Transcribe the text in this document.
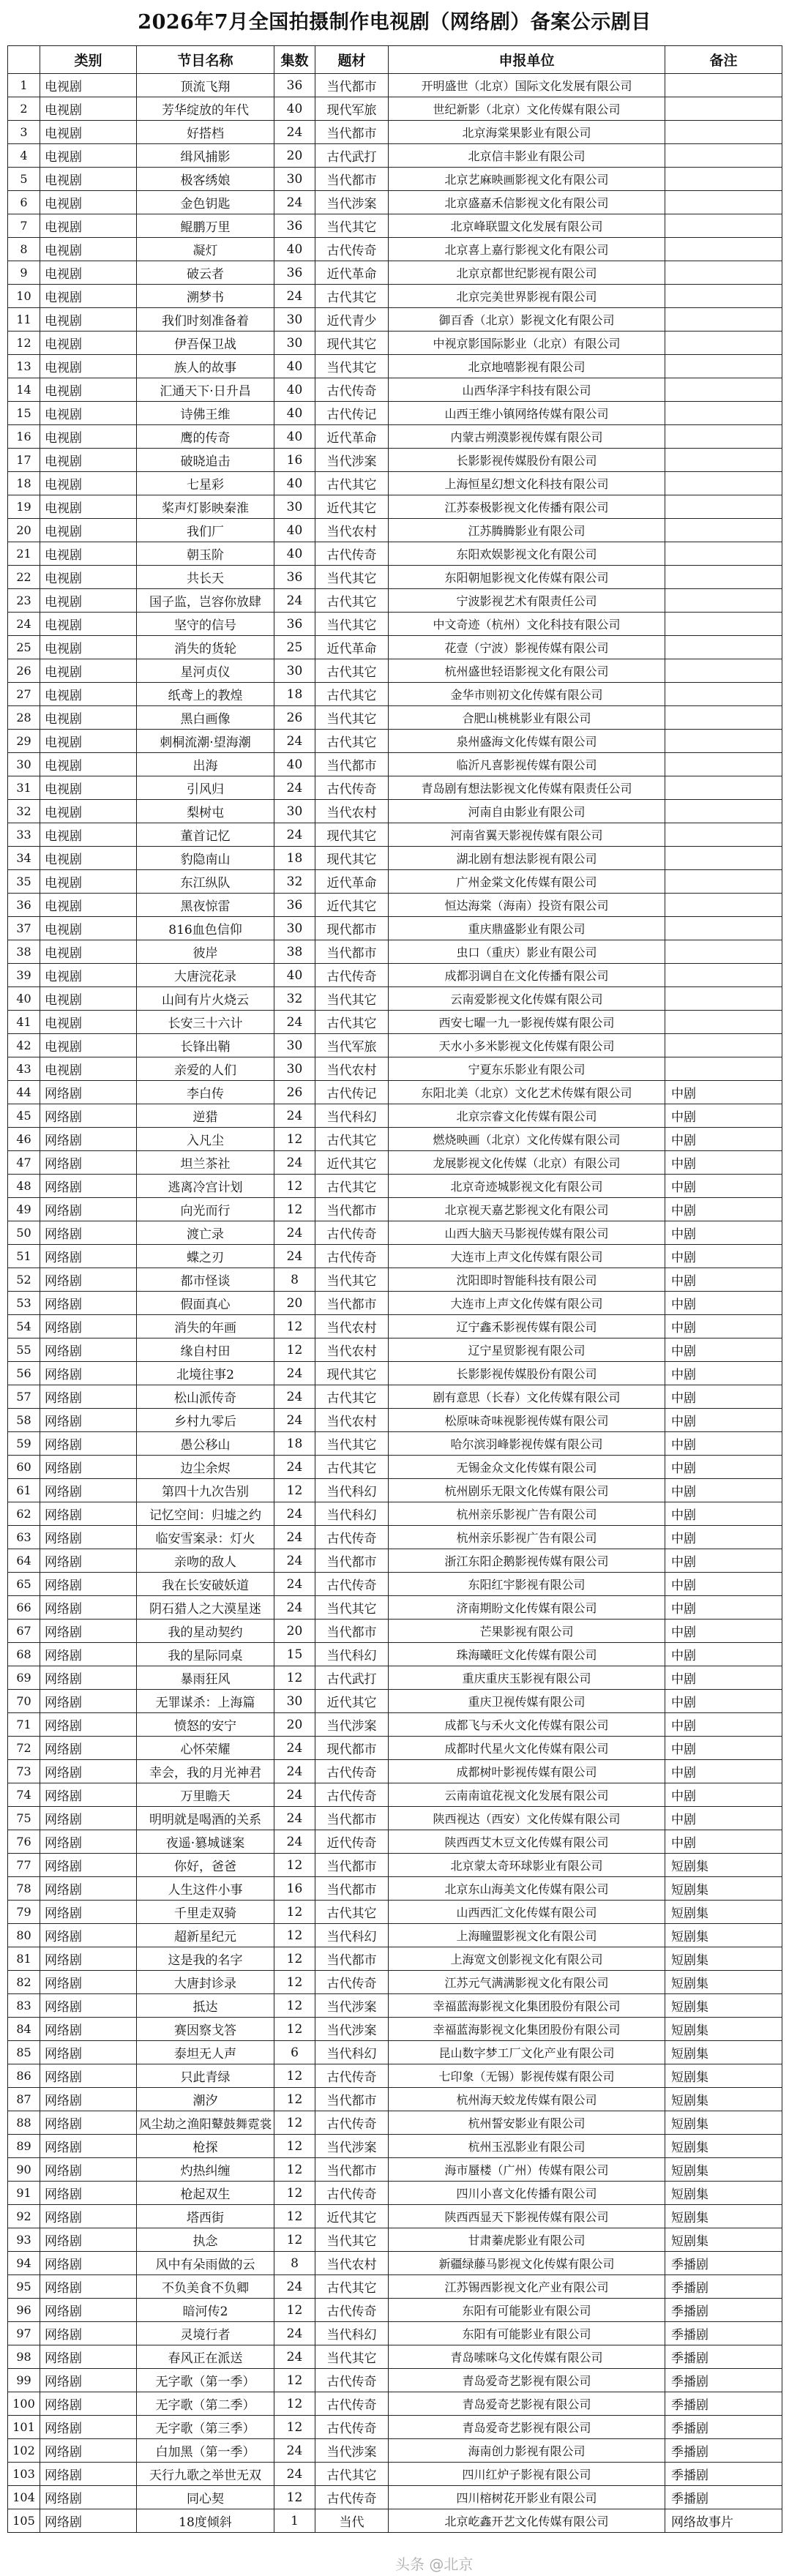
2026年7月全国拍摄制作电视剧（网络剧）备案公示剧目
	类别	节目名称	集数	题材	申报单位	备注
1	电视剧	顶流飞翔	36	当代都市	开明盛世（北京）国际文化发展有限公司	
2	电视剧	芳华绽放的年代	40	现代军旅	世纪新影（北京）文化传媒有限公司	
3	电视剧	好搭档	24	当代都市	北京海棠果影业有限公司	
4	电视剧	缉风捕影	20	古代武打	北京信丰影业有限公司	
5	电视剧	极客绣娘	30	当代都市	北京艺麻映画影视文化有限公司	
6	电视剧	金色钥匙	24	当代涉案	北京盛嘉禾信影视文化有限公司	
7	电视剧	鲲鹏万里	36	当代其它	北京峰联盟文化发展有限公司	
8	电视剧	凝灯	40	古代传奇	北京喜上嘉行影视文化有限公司	
9	电视剧	破云者	36	近代革命	北京京都世纪影视有限公司	
10	电视剧	溯梦书	24	古代其它	北京完美世界影视有限公司	
11	电视剧	我们时刻准备着	30	近代青少	御百香（北京）影视文化有限公司	
12	电视剧	伊吾保卫战	30	现代其它	中视京影国际影业（北京）有限公司	
13	电视剧	族人的故事	40	当代其它	北京地嘻影视有限公司	
14	电视剧	汇通天下·日升昌	40	古代传奇	山西华泽宇科技有限公司	
15	电视剧	诗佛王维	40	古代传记	山西王维小镇网络传媒有限公司	
16	电视剧	鹰的传奇	40	近代革命	内蒙古朔漠影视传媒有限公司	
17	电视剧	破晓追击	16	当代涉案	长影影视传媒股份有限公司	
18	电视剧	七星彩	40	古代其它	上海恒星幻想文化科技有限公司	
19	电视剧	桨声灯影映秦淮	30	近代其它	江苏泰极影视文化传播有限公司	
20	电视剧	我们厂	40	当代农村	江苏腾腾影业有限公司	
21	电视剧	朝玉阶	40	古代传奇	东阳欢娱影视文化有限公司	
22	电视剧	共长天	36	当代其它	东阳朝旭影视文化传媒有限公司	
23	电视剧	国子监，岂容你放肆	24	古代其它	宁波影视艺术有限责任公司	
24	电视剧	坚守的信号	36	当代其它	中文奇迹（杭州）文化科技有限公司	
25	电视剧	消失的货轮	25	近代革命	花壹（宁波）影视传媒有限公司	
26	电视剧	星河贞仪	30	古代其它	杭州盛世轻语影视文化有限公司	
27	电视剧	纸鸢上的教煌	18	古代其它	金华市则初文化传媒有限公司	
28	电视剧	黑白画像	26	当代其它	合肥山桃桃影业有限公司	
29	电视剧	刺桐流潮·望海潮	24	古代其它	泉州盛海文化传媒有限公司	
30	电视剧	出海	40	当代都市	临沂凡喜影视传媒有限公司	
31	电视剧	引风归	24	古代传奇	青岛剧有想法影视文化传媒有限责任公司	
32	电视剧	梨树屯	30	当代农村	河南自由影业有限公司	
33	电视剧	董首记忆	24	现代其它	河南省翼天影视传媒有限公司	
34	电视剧	豹隐南山	18	现代其它	湖北剧有想法影视有限公司	
35	电视剧	东江纵队	32	近代革命	广州金棠文化传媒有限公司	
36	电视剧	黑夜惊雷	36	近代其它	恒达海棠（海南）投资有限公司	
37	电视剧	816血色信仰	30	现代都市	重庆鼎盛影业有限公司	
38	电视剧	彼岸	38	当代都市	虫口（重庆）影业有限公司	
39	电视剧	大唐浣花录	40	古代传奇	成都羽调自在文化传播有限公司	
40	电视剧	山间有片火烧云	32	当代其它	云南爱影视文化传媒有限公司	
41	电视剧	长安三十六计	24	古代其它	西安七曜一九一影视传媒有限公司	
42	电视剧	长锋出鞘	30	当代军旅	天水小多米影视文化传媒有限公司	
43	电视剧	亲爱的人们	30	当代农村	宁夏东乐影业有限公司	
44	网络剧	李白传	26	古代传记	东阳北美（北京）文化艺术传媒有限公司	中剧
45	网络剧	逆猎	24	当代科幻	北京宗睿文化传媒有限公司	中剧
46	网络剧	入凡尘	12	古代其它	燃烧映画（北京）文化传媒有限公司	中剧
47	网络剧	坦兰茶社	24	近代其它	龙展影视文化传媒（北京）有限公司	中剧
48	网络剧	逃离冷宫计划	12	古代其它	北京奇迹城影视文化有限公司	中剧
49	网络剧	向光而行	12	当代都市	北京视天嘉艺影视文化有限公司	中剧
50	网络剧	渡亡录	24	古代传奇	山西大脑天马影视传媒有限公司	中剧
51	网络剧	蝶之刃	24	古代传奇	大连市上声文化传媒有限公司	中剧
52	网络剧	都市怪谈	8	当代其它	沈阳即时智能科技有限公司	中剧
53	网络剧	假面真心	20	当代都市	大连市上声文化传媒有限公司	中剧
54	网络剧	消失的年画	12	当代农村	辽宁鑫禾影视传媒有限公司	中剧
55	网络剧	缘自村田	12	当代农村	辽宁星贸影视有限公司	中剧
56	网络剧	北境往事2	24	现代其它	长影影视传媒股份有限公司	中剧
57	网络剧	松山派传奇	24	古代其它	剧有意思（长春）文化传媒有限公司	中剧
58	网络剧	乡村九零后	24	当代农村	松原味奇味视影视传媒有限公司	中剧
59	网络剧	愚公移山	18	当代其它	哈尔滨羽峰影视传媒有限公司	中剧
60	网络剧	边尘余烬	24	古代其它	无锡金众文化传媒有限公司	中剧
61	网络剧	第四十九次告别	12	当代科幻	杭州剧乐无限文化传媒有限公司	中剧
62	网络剧	记忆空间：归墟之约	24	当代科幻	杭州亲乐影视广告有限公司	中剧
63	网络剧	临安雪案录：灯火	24	古代传奇	杭州亲乐影视广告有限公司	中剧
64	网络剧	亲吻的敌人	24	当代都市	浙江东阳企鹅影视传媒有限公司	中剧
65	网络剧	我在长安破妖道	24	古代传奇	东阳红宇影视有限公司	中剧
66	网络剧	阴石猎人之大漠星迷	24	当代其它	济南期盼文化传媒有限公司	中剧
67	网络剧	我的星动契约	20	当代都市	芒果影视有限公司	中剧
68	网络剧	我的星际同桌	15	当代科幻	珠海曦旺文化传媒有限公司	中剧
69	网络剧	暴雨狂风	12	古代武打	重庆重庆玉影视有限公司	中剧
70	网络剧	无罪谋杀：上海篇	30	近代其它	重庆卫视传媒有限公司	中剧
71	网络剧	愤怒的安宁	20	当代涉案	成都飞与禾火文化传媒有限公司	中剧
72	网络剧	心怀荣耀	24	现代都市	成都时代星火文化传媒有限公司	中剧
73	网络剧	幸会，我的月光神君	24	古代传奇	成都树叶影视传媒有限公司	中剧
74	网络剧	万里瞻天	24	古代传奇	云南南谊花视文化发展有限公司	中剧
75	网络剧	明明就是喝酒的关系	24	当代都市	陕西视达（西安）文化传媒有限公司	中剧
76	网络剧	夜遥·篡城谜案	24	近代传奇	陕西西艾木豆文化传媒有限公司	中剧
77	网络剧	你好，爸爸	12	当代都市	北京蒙太奇环球影业有限公司	短剧集
78	网络剧	人生这件小事	16	当代都市	北京东山海美文化传媒有限公司	短剧集
79	网络剧	千里走双骑	12	古代其它	山西西汇文化传媒有限公司	短剧集
80	网络剧	超新星纪元	12	当代科幻	上海瞳盟影视文化有限公司	短剧集
81	网络剧	这是我的名字	12	当代都市	上海宽文创影视文化有限公司	短剧集
82	网络剧	大唐封诊录	12	古代传奇	江苏元气满满影视文化有限公司	短剧集
83	网络剧	抵达	12	当代涉案	幸福蓝海影视文化集团股份有限公司	短剧集
84	网络剧	赛因察戈答	12	当代涉案	幸福蓝海影视文化集团股份有限公司	短剧集
85	网络剧	泰坦无人声	6	当代科幻	昆山数字梦工厂文化产业有限公司	短剧集
86	网络剧	只此青绿	12	古代传奇	七印象（无锡）影视传媒有限公司	短剧集
87	网络剧	潮汐	12	当代都市	杭州海天蛟龙传媒有限公司	短剧集
88	网络剧	风尘劫之渔阳鼙鼓舞霓裳	12	古代传奇	杭州誓安影业有限公司	短剧集
89	网络剧	枪探	12	当代涉案	杭州玉泓影业有限公司	短剧集
90	网络剧	灼热纠缠	12	当代都市	海市蜃楼（广州）传媒有限公司	短剧集
91	网络剧	枪起双生	12	古代传奇	四川小喜文化传播有限公司	短剧集
92	网络剧	塔西街	12	近代其它	陕西西显天下影视传媒有限公司	短剧集
93	网络剧	执念	12	当代其它	甘肃蓁虎影业有限公司	短剧集
94	网络剧	风中有朵雨做的云	8	当代农村	新疆绿藤马影视文化传媒有限公司	季播剧
95	网络剧	不负美食不负卿	24	古代其它	江苏锡西影视文化产业有限公司	季播剧
96	网络剧	暗河传2	12	古代传奇	东阳有可能影业有限公司	季播剧
97	网络剧	灵境行者	24	当代科幻	东阳有可能影业有限公司	季播剧
98	网络剧	春风正在派送	24	当代其它	青岛嗦咪乌文化传媒有限公司	季播剧
99	网络剧	无字歌（第一季）	12	古代传奇	青岛爱奇艺影视有限公司	季播剧
100	网络剧	无字歌（第二季）	12	古代传奇	青岛爱奇艺影视有限公司	季播剧
101	网络剧	无字歌（第三季）	12	古代传奇	青岛爱奇艺影视有限公司	季播剧
102	网络剧	白加黑（第一季）	24	当代涉案	海南创力影视有限公司	季播剧
103	网络剧	天行九歌之举世无双	24	古代其它	四川红炉子影视有限公司	季播剧
104	网络剧	同心契	12	古代传奇	四川榕树花开影业有限公司	季播剧
105	网络剧	18度倾斜	1	当代	北京屹鑫开艺文化传媒有限公司	网络故事片
头条 @北京
